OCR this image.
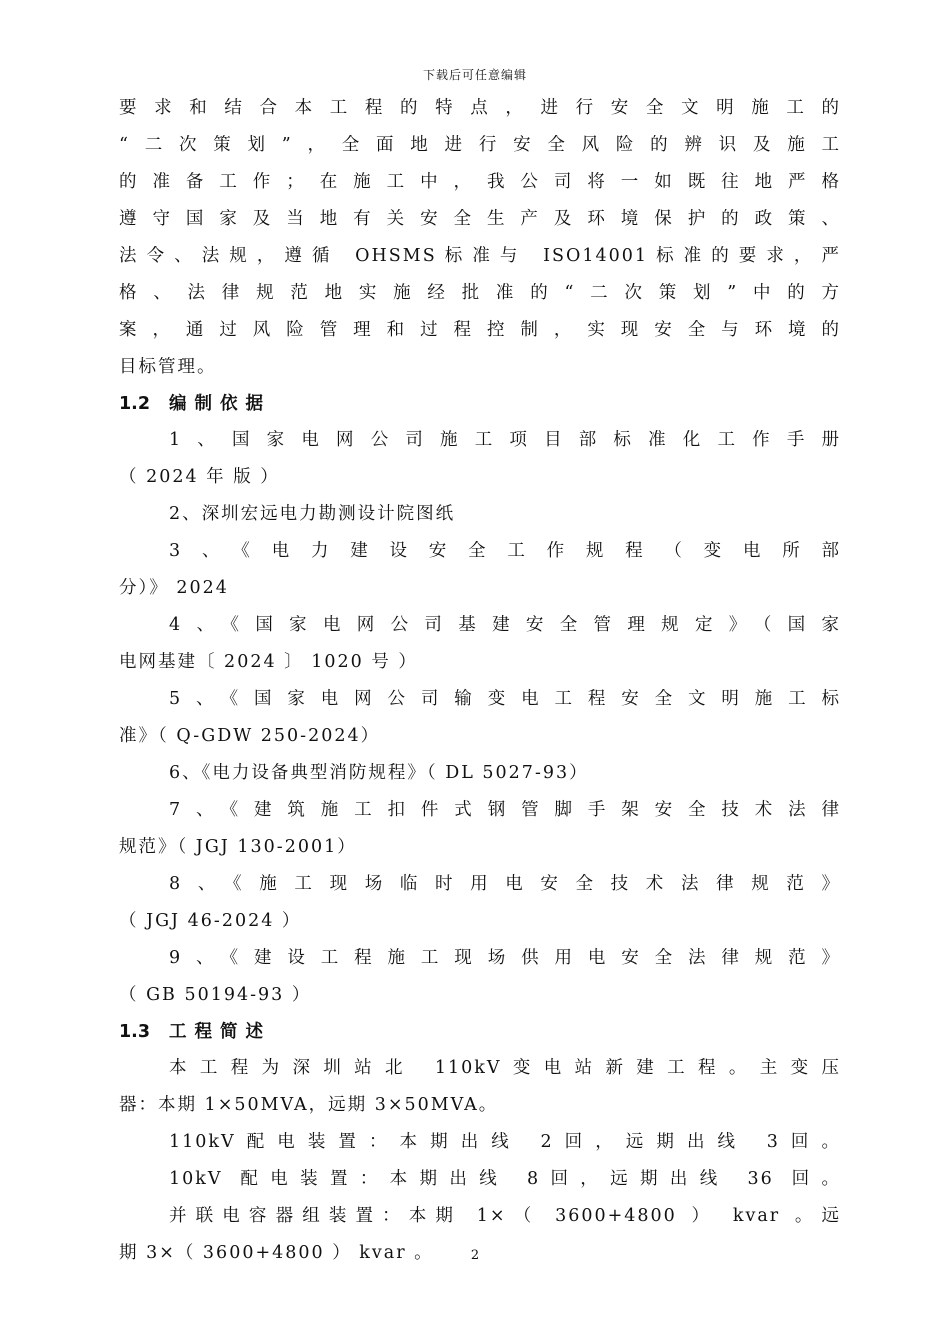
下载后可任意编辑
要求和结合本工程的特点，进行安全文明施工的
“二次策划”，全面地进行安全风险的辨识及施工
的准备工作；在施工中，我公司将一如既往地严格
遵守国家及当地有关安全生产及环境保护的政策、
法令、法规，遵循 OHSMS标准与 ISO14001标准的要求，严
格、法律规范地实施经批准的“二次策划”中的方
案，通过风险管理和过程控制，实现安全与环境的
目标管理。
1.2 编制依据
1、国家电网公司施工项目部标准化工作手册
（ 2024 年 版 ）
2、深圳宏远电力勘测设计院图纸
3、《电力建设安全工作规程（变电所部
分）》 2024
4、《国家电网公司基建安全管理规定》（国家
电网基建〔 2024 〕 1020 号 ）
5、《国家电网公司输变电工程安全文明施工标
准》（ Q-GDW 250-2024）
6、《电力设备典型消防规程》（ DL 5027-93）
7、《建筑施工扣件式钢管脚手架安全技术法律
规范》（ JGJ 130-2001）
8、《施工现场临时用电安全技术法律规范》
（ JGJ 46-2024 ）
9、《建设工程施工现场供用电安全法律规范》
（ GB 50194-93 ）
1.3 工程简述
本工程为深圳站北 110kV变电站新建工程。主变压
器：本期 1×50MVA，远期 3×50MVA。
110kV配电装置：本期出线 2回，远期出线 3回。
10kV 配电装置：本期出线 8回，远期出线 36 回。
并联电容器组装置：本期 1×（ 3600+4800 ） kvar 。远
期 3×（ 3600+4800 ） kvar 。	2
